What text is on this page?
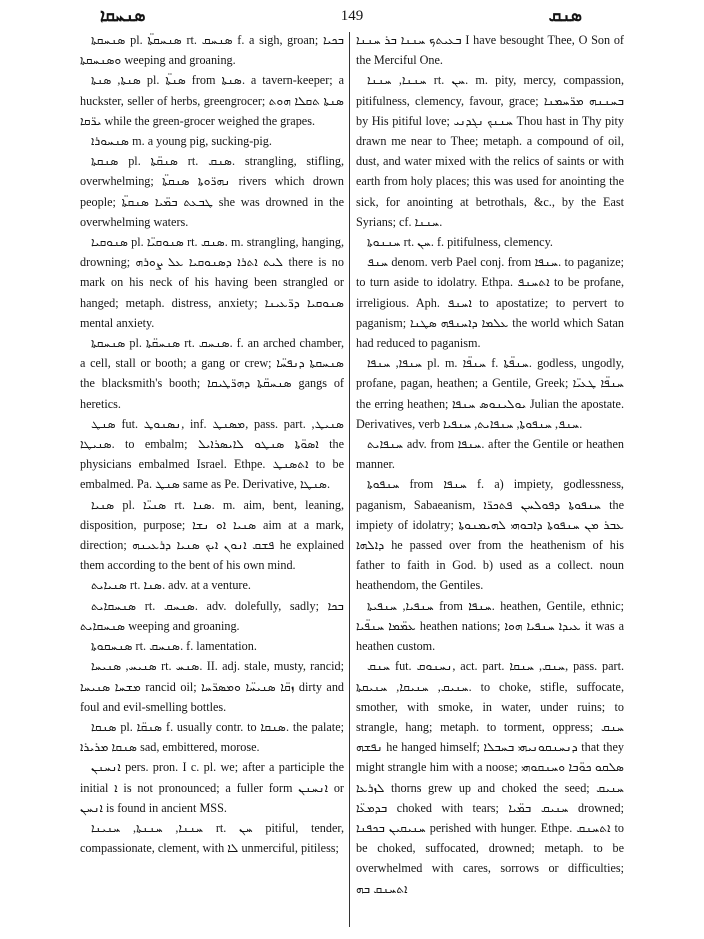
ܣܢܚܩܐ	149	ܣܢܩ

ܣܢܚܩܬܐ pl. ܣܢܚܩܬ̈ܐ rt. ܣܢܚܩ f. a sigh, groan; ܒܟܝܐ ܘܣܢܚܩܬܐ weeping and groaning.

ܣܢܬܐ, ܣܢܬܐ pl. ܣܢܬ̈ܐ from ܣܢܬܐ. a tavern-keeper; a huckster, seller of herbs, greengrocer; ܣܢܬܐ ܬܩܠܐ ܗܘܬ ܝܪ̈ܩܐ while the green-grocer weighed the grapes.

ܣܢܚܘܪܐ m. a young pig, sucking-pig.

ܣܢܩܬܐ pl. ܣܢܩ̈ܬܐ rt. ܣܢܩ. strangling, stifling, overwhelming; ܢܗܪ̈ܘܬܐ ܣܢܩܬ̈ܐ rivers which drown people; ܛܒܥܬ ܒܡ̈ܝܐ ܣܢܩܬ̈ܐ she was drowned in the overwhelming waters.

ܣܢܘܩܝܐ pl. ܣܢܘܩܝ̈ܐ rt. ܣܢܩ. m. strangling, hanging, drowning; ܠܝܬ ܐܬܪܐ ܕܣܢܘܩܝܐ ܥܠ ܨܘܪܗ there is no mark on his neck of his having been strangled or hanged; metaph. distress, anxiety; ܣܢܘܩܝܐ ܕܪ̈ܥܝܢܐ mental anxiety.

ܣܢܚܩܬܐ pl. ܣܢܚܩ̈ܬܐ rt. ܣܢܚܩ. f. an arched chamber, a cell, stall or booth; a gang or crew; ܣܢܚܩܬܐ ܕܢܦܚ̈ܐ the blacksmith's booth; ܣܢܚܩ̈ܬܐ ܕܗܪ̈ܛܝܩܐ gangs of heretics.

ܣܢܛ fut. ܢܣܢܘܛ, inf. ܡܣܢܛ, pass. part. ܣܢܝܛ, ܣܢܝܛܐ. to embalm; ܐܣܘ̈ܬܐ ܣܢܛܘ ܠܐܝܣܪܐܝܠ the physicians embalmed Israel. Ethpe. ܐܬܣܢܛ to be embalmed. Pa. ܣܢܛ same as Pe. Derivative, ܣܢܛܐ.

ܣܢܝܐ pl. ܣܢܝ̈ܐ rt. ܣܢܐ. m. aim, bent, leaning, disposition, purpose; ܣܢܝܐ ܐܘ ܢܫܐ aim at a mark, direction; ܦܫܩ ܐܢܘܢ ܐܝܟ ܣܢܝܐ ܕܪܥܝܢܗ he explained them according to the bent of his own mind.

ܣܢܝܐܝܬ rt. ܣܢܐ. adv. at a venture.

ܣܢܚܩܐܝܬ rt. ܣܢܚܩ. adv. dolefully, sadly; ܒܟܐ ܣܢܚܩܐܝܬ weeping and groaning.

ܣܢܚܩܘܬܐ rt. ܣܢܚܩ. f. lamentation.

ܣܢܝܚ, ܣܢܝܚܐ rt. ܣܢܚ. II. adj. stale, musty, rancid; ܡܫܚܐ ܣܢܝܚܐ rancid oil; ܙܩ̈ܐ ܣܢܝܚ̈ܐ ܘܡܣܪ̈ܚܐ dirty and foul and evil-smelling bottles.

ܣܢܩܐ pl. ܣܢܩ̈ܐ f. usually contr. to ܣܢܩܐ. the palate; ܣܢܩܐ ܡܪܝܪܐ sad, embittered, morose.

ܐܢܚܢܢ pers. pron. I c. pl. we; after a participle the initial ܐ is not pronounced; a fuller form ܐܢܚܢܢ or ܐܢܚܢ is found in ancient MSS.

ܚܢܢܐ, ܚܢܢܬܐ, ܚܢܝܢܐ rt. ܚܢ pitiful, tender, compassionate, clement, with ܠܐ unmerciful, pitiless;

ܒܥܝܬܟ ܚܢܢܐ ܒܪ ܚܢܢܐ I have besought Thee, O Son of the Merciful One.

ܚܢܢܐ, ܚܢܢܐ rt. ܚܢ. m. pity, mercy, compassion, pitifulness, clemency, favour, grace; ܒܚܢܢܗ ܡܪ̈ܚܡܢܐ by His pitiful love; ܚܢܢܟ ܢܓܕܢܝ Thou hast in Thy pity drawn me near to Thee; metaph. a compound of oil, dust, and water mixed with the relics of saints or with earth from holy places; this was used for anointing the sick, for anointing at betrothals, &c., by the East Syrians; cf. ܚܢܢܐ.

ܚܢܢܘܬܐ rt. ܚܢ. f. pitifulness, clemency.

ܚܢܦ denom. verb Pael conj. from ܚܢܦܐ. to paganize; to turn aside to idolatry. Ethpa. ܐܬܚܢܦ to be profane, irreligious. Aph. ܐܚܢܦ to apostatize; to pervert to paganism; ܥܠܡܐ ܕܐܚܢܦܗ ܣܛܢܐ the world which Satan had reduced to paganism.

ܚܢܦܐ, ܚܢܦܐ pl. m. ܚܢܦ̈ܐ f. ܚܢܦ̈ܬܐ. godless, ungodly, profane, pagan, heathen; a Gentile, Greek; ܚܢܦ̈ܐ ܛܥܝ̈ܐ the erring heathen; ܝܘܠܝܢܘܣ ܚܢܦܐ Julian the apostate. Derivatives, verb ܚܢܦ, ܚܢܦܘܬܐ, ܚܢܦܐܝܬ, ܚܢܦܝܐ.

ܚܢܦܐܝܬ adv. from ܚܢܦܐ. after the Gentile or heathen manner.

ܚܢܦܘܬܐ from ܚܢܦܐ f. a) impiety, godlessness, paganism, Sabaeanism, ܚܢܦܘܬܐ ܕܦܘܠܚܢ ܦܬܟܪ̈ܐ the impiety of idolatry; ܥܒܪ ܡܢ ܚܢܦܘܬܐ ܕܐܒܘܗܝ ܠܗܝܡܢܘܬܐ ܕܐܠܗܐ he passed over from the heathenism of his father to faith in God. b) used as a collect. noun heathendom, the Gentiles.

ܚܢܦܝܐ, ܚܢܦܝܬܐ from ܚܢܦܐ. heathen, Gentile, ethnic; ܥܡ̈ܡܐ ܚܢܦ̈ܝܐ heathen nations; ܥܝܕܐ ܚܢܦܝܐ ܗܘܐ it was a heathen custom.

ܚܢܩ fut. ܢܚܢܘܩ, act. part. ܚܢܩ, ܚܢܩܐ, pass. part. ܚܢܝܩ, ܚܢܝܩܐ, ܚܢܝܩܬܐ. to choke, stifle, suffocate, smother, with smoke, in water, under ruins; to strangle, hang; metaph. to torment, oppress; ܚܢܩ ܢܦܫܗ he hanged himself; ܕܢܚܢܩܘܢܝܗܝ ܒܚܒܠܐ that they might strangle him with a noose; ܣܠܩܘ ܟܘ̈ܒܐ ܘܚܢܩܘܗܝ ܠܙܪܥܐ thorns grew up and choked the seed; ܚܢܝܩ ܒܕܡܥ̈ܐ choked with tears; ܚܢܝܩ ܒܡ̈ܝܐ drowned; ܚܢܝܩܝܢ ܒܟܦܢܐ perished with hunger. Ethpe. ܐܬܚܢܩ to be choked, suffocated, drowned; metaph. to be overwhelmed with cares, sorrows or difficulties; ܐܬܚܢܩ ܒܗ
